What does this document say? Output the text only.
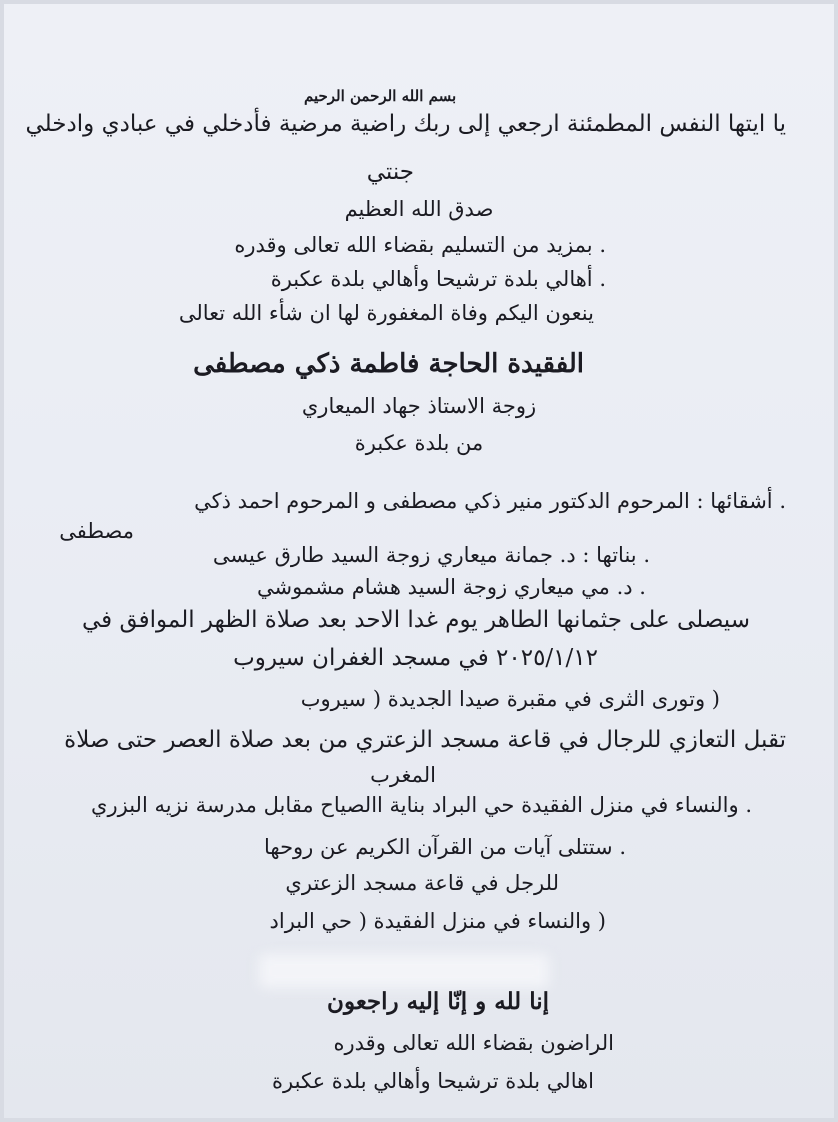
بسم الله الرحمن الرحيم
يا ايتها النفس المطمئنة ارجعي إلى ربك راضية مرضية فأدخلي في عبادي وادخلي
جنتي
صدق الله العظيم
. بمزيد من التسليم بقضاء الله تعالى وقدره
. أهالي بلدة ترشيحا وأهالي بلدة عكبرة
ينعون اليكم وفاة المغفورة لها ان شأء الله تعالى
الفقيدة الحاجة فاطمة ذكي مصطفى
زوجة الاستاذ جهاد الميعاري
من بلدة عكبرة
. أشقائها : المرحوم الدكتور منير ذكي مصطفى و المرحوم احمد ذكي
مصطفى
. بناتها : د. جمانة ميعاري زوجة السيد طارق عيسى
. د. مي ميعاري زوجة السيد هشام مشموشي
سيصلى على جثمانها الطاهر يوم غدا الاحد بعد صلاة الظهر الموافق في
٢٠٢٥/١/١٢ في مسجد الغفران سيروب
( وتورى الثرى في مقبرة صيدا الجديدة ( سيروب
تقبل التعازي للرجال في قاعة مسجد الزعتري من بعد صلاة العصر حتى صلاة
المغرب
. والنساء في منزل الفقيدة حي البراد بناية االصياح مقابل مدرسة نزيه البزري
. ستتلى آيات من القرآن الكريم عن روحها
للرجل في قاعة مسجد الزعتري
( والنساء في منزل الفقيدة ( حي البراد
إنا لله و إنّا إليه راجعون
الراضون بقضاء الله تعالى وقدره
اهالي بلدة ترشيحا وأهالي بلدة عكبرة
